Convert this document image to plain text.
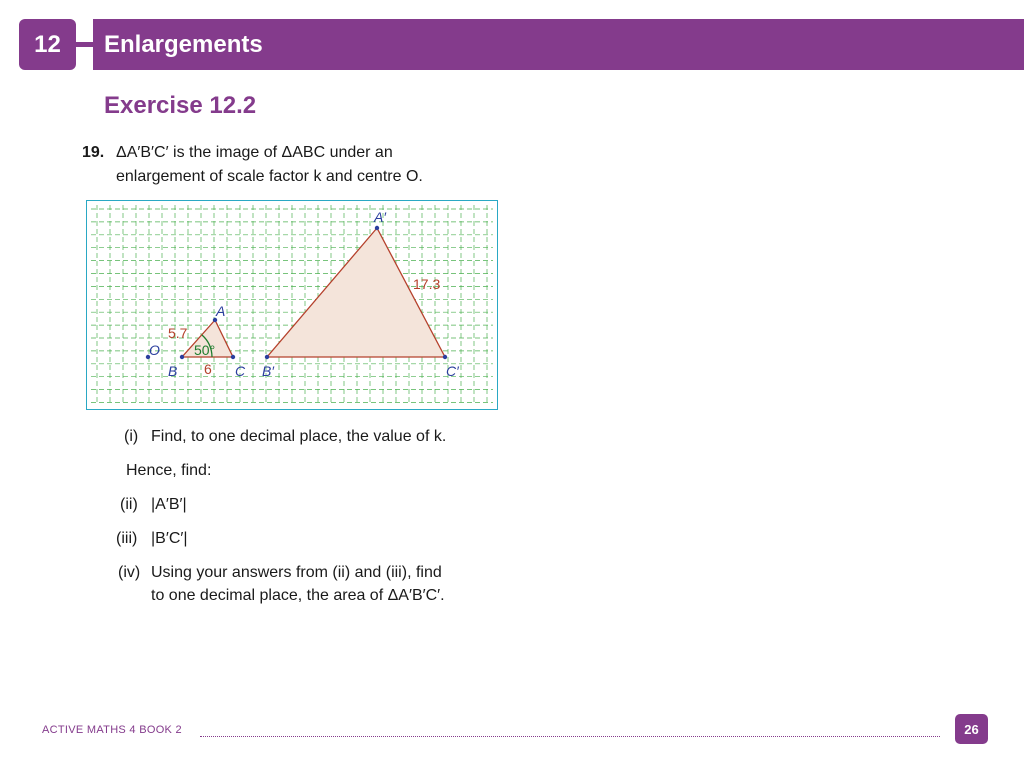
12 Enlargements
Exercise 12.2
19. ΔA′B′C′ is the image of ΔABC under an
enlargement of scale factor k and centre O.
O
A
B	C
A′
B′	C′
5.7
6
17.3
50°
(i) Find, to one decimal place, the value of k.
Hence, find:
(ii) |A′B′|
(iii) |B′C′|
(iv) Using your answers from (ii) and (iii), find
to one decimal place, the area of ΔA′B′C′.
ACTIVE MATHS 4 BOOK 2	26
